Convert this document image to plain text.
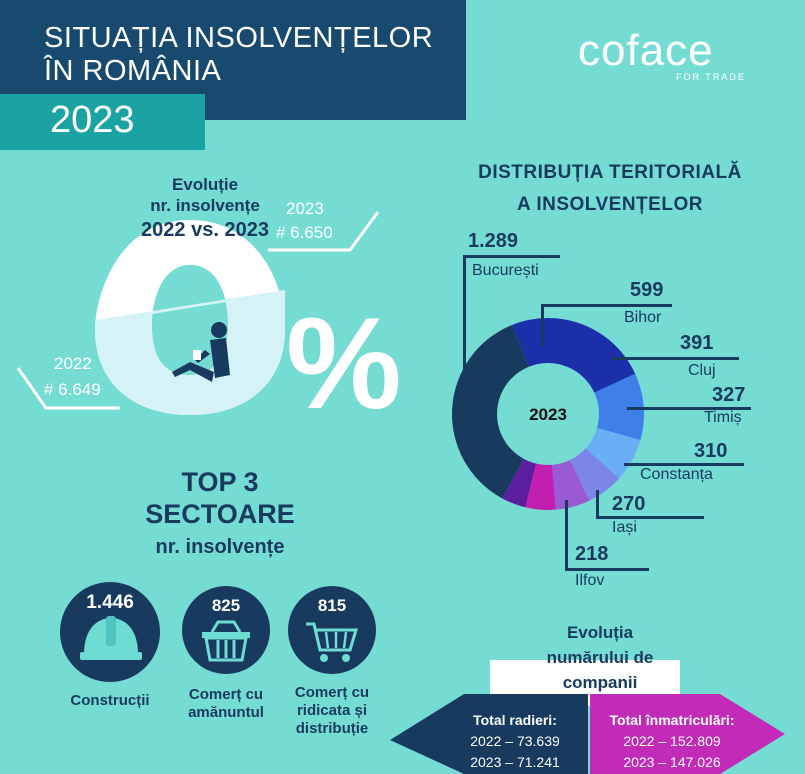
SITUAȚIA INSOLVENȚELOR
ÎN ROMÂNIA
2023
coface
FOR TRADE
%
Evoluție
nr. insolvențe
2022 vs. 2023
2023
# 6.650
2022
# 6.649
TOP 3
SECTOARE
nr. insolvențe
1.446
Construcții
825
Comerț cu
amănuntul
815
Comerț cu
ridicata și
distribuție
DISTRIBUȚIA TERITORIALĂ
A INSOLVENȚELOR
2023
1.289
București
599
Bihor
391
Cluj
327
Timiș
310
Constanța
270
Iași
218
Ilfov
Evoluția
numărului de
companii
Total radieri:
2022 – 73.639
2023 – 71.241
Total înmatriculări:
2022 – 152.809
2023 – 147.026
